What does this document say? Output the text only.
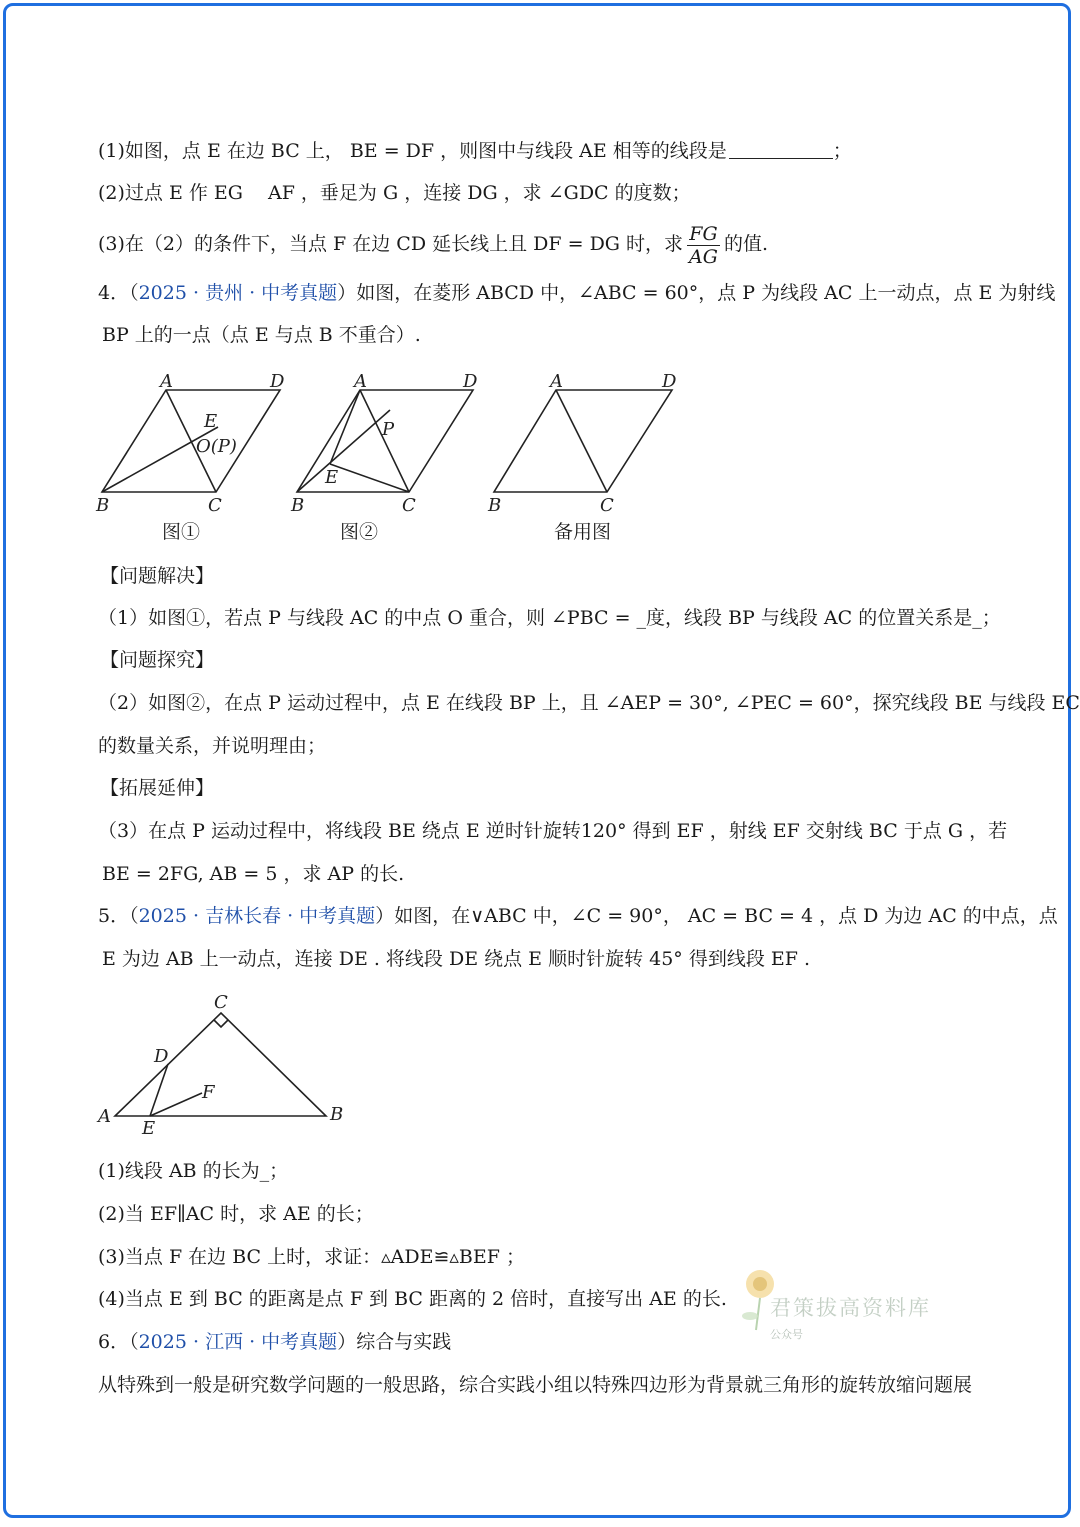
(1)如图，点 E 在边 BC 上， BE = DF ，则图中与线段 AE 相等的线段是	；
(2)过点 E 作 EG　 AF ，垂足为 G ，连接 DG ，求 ∠GDC 的度数；
(3)在（2）的条件下，当点 F 在边 CD 延长线上且 DF = DG 时，求 $\frac{FG}{AG}$ 的值.
4．（2025 · 贵州 · 中考真题）如图，在菱形 ABCD 中，∠ABC = 60°，点 P 为线段 AC 上一动点，点 E 为射线
BP 上的一点（点 E 与点 B 不重合）.
A	D
B	C
E
O(P)
A	D
B	C
P
E
A	D
B	C
图①	图②	备用图
【问题解决】
（1）如图①，若点 P 与线段 AC 的中点 O 重合，则 ∠PBC = _度，线段 BP 与线段 AC 的位置关系是_；
【问题探究】
（2）如图②，在点 P 运动过程中，点 E 在线段 BP 上，且 ∠AEP = 30°, ∠PEC = 60°，探究线段 BE 与线段 EC
的数量关系，并说明理由；
【拓展延伸】
（3）在点 P 运动过程中，将线段 BE 绕点 E 逆时针旋转120° 得到 EF ，射线 EF 交射线 BC 于点 G ，若
BE = 2FG, AB = 5 ，求 AP 的长.
5．（2025 · 吉林长春 · 中考真题）如图，在∨ABC 中，∠C = 90°， AC = BC = 4 ，点 D 为边 AC 的中点，点
E 为边 AB 上一动点，连接 DE . 将线段 DE 绕点 E 顺时针旋转 45° 得到线段 EF .
C
D
F
A	B
E
(1)线段 AB 的长为_；
(2)当 EF∥AC 时，求 AE 的长；
(3)当点 F 在边 BC 上时，求证：▵ADE≌▵BEF ；
(4)当点 E 到 BC 的距离是点 F 到 BC 距离的 2 倍时，直接写出 AE 的长.
6．（2025 · 江西 · 中考真题）综合与实践
从特殊到一般是研究数学问题的一般思路，综合实践小组以特殊四边形为背景就三角形的旋转放缩问题展
君策拔高资料库
公众号
